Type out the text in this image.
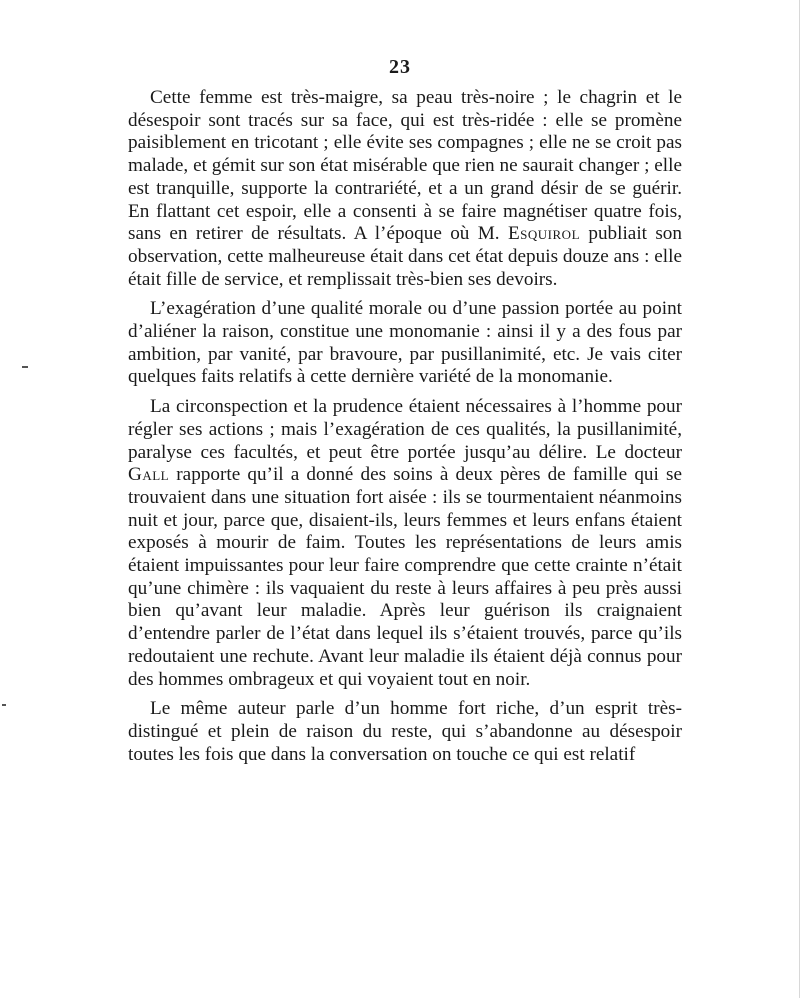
23

Cette femme est très-maigre, sa peau très-noire ; le chagrin et le désespoir sont tracés sur sa face, qui est très-ridée : elle se promène paisiblement en tricotant ; elle évite ses compagnes ; elle ne se croit pas malade, et gémit sur son état misérable que rien ne saurait changer ; elle est tranquille, supporte la contrariété, et a un grand désir de se guérir. En flattant cet espoir, elle a consenti à se faire magnétiser quatre fois, sans en retirer de résultats. A l’époque où M. Esquirol publiait son observation, cette malheureuse était dans cet état depuis douze ans : elle était fille de service, et remplissait très-bien ses devoirs.

L’exagération d’une qualité morale ou d’une passion portée au point d’aliéner la raison, constitue une monomanie : ainsi il y a des fous par ambition, par vanité, par bravoure, par pusillanimité, etc. Je vais citer quelques faits relatifs à cette dernière variété de la monomanie.

La circonspection et la prudence étaient nécessaires à l’homme pour régler ses actions ; mais l’exagération de ces qualités, la pusillanimité, paralyse ces facultés, et peut être portée jusqu’au délire. Le docteur Gall rapporte qu’il a donné des soins à deux pères de famille qui se trouvaient dans une situation fort aisée : ils se tourmentaient néanmoins nuit et jour, parce que, disaient-ils, leurs femmes et leurs enfans étaient exposés à mourir de faim. Toutes les représentations de leurs amis étaient impuissantes pour leur faire comprendre que cette crainte n’était qu’une chimère : ils vaquaient du reste à leurs affaires à peu près aussi bien qu’avant leur maladie. Après leur guérison ils craignaient d’entendre parler de l’état dans lequel ils s’étaient trouvés, parce qu’ils redoutaient une rechute. Avant leur maladie ils étaient déjà connus pour des hommes ombrageux et qui voyaient tout en noir.

Le même auteur parle d’un homme fort riche, d’un esprit très-distingué et plein de raison du reste, qui s’abandonne au désespoir toutes les fois que dans la conversation on touche ce qui est relatif
